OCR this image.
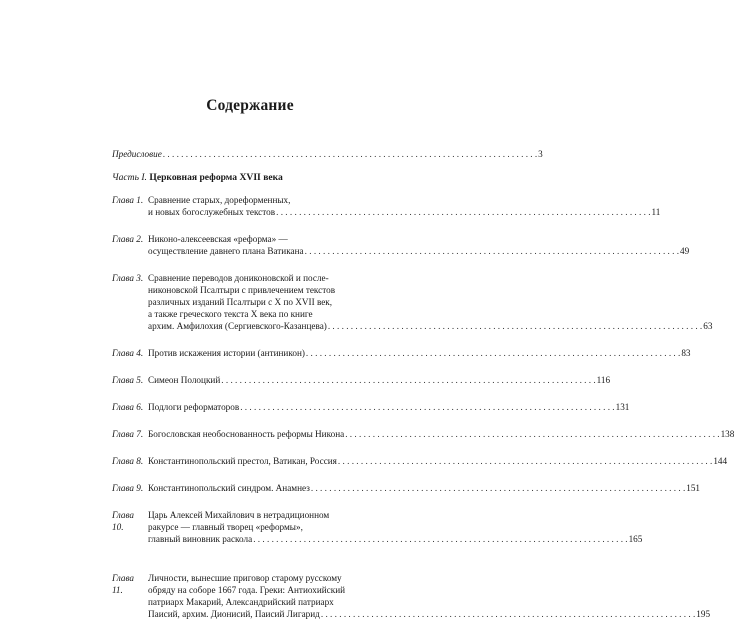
Содержание
Предисловие . . .	3
Часть I. Церковная реформа XVII века
Глава 1. Сравнение старых, дореформенных,
и новых богослужебных текстов . . .	11
Глава 2. Никоно-алексеевская «реформа» —
осуществление давнего плана Ватикана . . .	49
Глава 3. Сравнение переводов дониконовской и после-
никоновской Псалтыри с привлечением текстов
различных изданий Псалтыри с X по XVII век,
а также греческого текста X века по книге
архим. Амфилохия (Сергиевского-Казанцева) . . .	63
Глава 4. Против искажения истории (антиникон) . . .	83
Глава 5. Симеон Полоцкий . . .	116
Глава 6. Подлоги реформаторов . . .	131
Глава 7. Богословская необоснованность реформы Никона . . .	138
Глава 8. Константинопольский престол, Ватикан, Россия . . .	144
Глава 9. Константинопольский синдром. Анамнез . . .	151
Глава 10.
Царь Алексей Михайлович в нетрадиционном
ракурсе — главный творец «реформы»,
главный виновник раскола . . .	165
Глава 11.
Личности, вынесшие приговор старому русскому
обряду на соборе 1667 года. Греки: Антиохийский
патриарх Макарий, Александрийский патриарх
Паисий, архим. Дионисий, Паисий Лигарид . . .	195
